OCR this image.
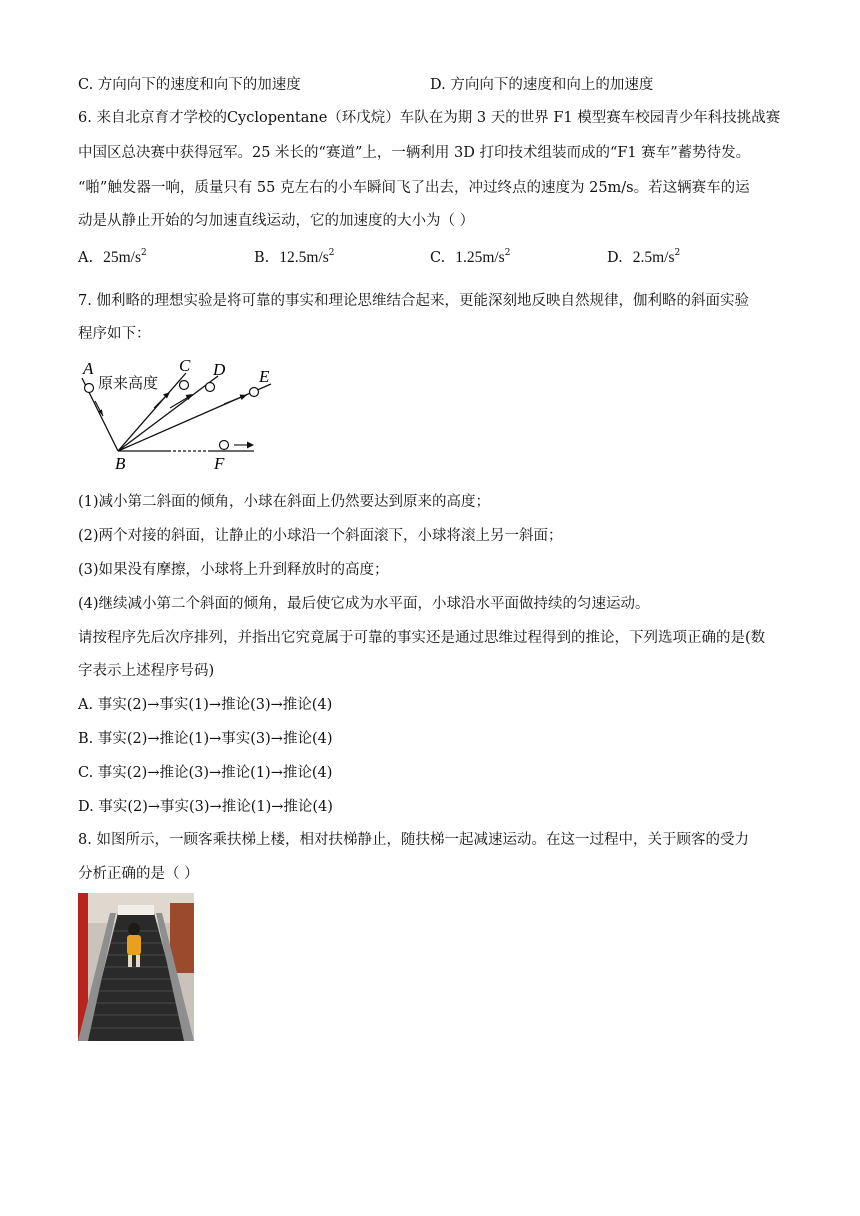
C. 方向向下的速度和向下的加速度	D. 方向向下的速度和向上的加速度
6. 来自北京育才学校的Cyclopentane（环戊烷）车队在为期 3 天的世界 F1 模型赛车校园青少年科技挑战赛
中国区总决赛中获得冠军。25 米长的“赛道”上，一辆利用 3D 打印技术组装而成的“F1 赛车”蓄势待发。
“啪”触发器一响，质量只有 55 克左右的小车瞬间飞了出去，冲过终点的速度为 25m/s。若这辆赛车的运
动是从静止开始的匀加速直线运动，它的加速度的大小为（ ）
A. $25m/s^2$	B. $12.5m/s^2$	C. $1.25m/s^2$	D. $2.5m/s^2$
7. 伽利略的理想实验是将可靠的事实和理论思维结合起来，更能深刻地反映自然规律，伽利略的斜面实验
程序如下：
A	C D E
B	F
原来高度
(1)减小第二斜面的倾角，小球在斜面上仍然要达到原来的高度；
(2)两个对接的斜面，让静止的小球沿一个斜面滚下，小球将滚上另一斜面；
(3)如果没有摩擦，小球将上升到释放时的高度；
(4)继续减小第二个斜面的倾角，最后使它成为水平面，小球沿水平面做持续的匀速运动。
请按程序先后次序排列，并指出它究竟属于可靠的事实还是通过思维过程得到的推论，下列选项正确的是(数
字表示上述程序号码)
A. 事实(2)→事实(1)→推论(3)→推论(4)
B. 事实(2)→推论(1)→事实(3)→推论(4)
C. 事实(2)→推论(3)→推论(1)→推论(4)
D. 事实(2)→事实(3)→推论(1)→推论(4)
8. 如图所示，一顾客乘扶梯上楼，相对扶梯静止，随扶梯一起减速运动。在这一过程中，关于顾客的受力
分析正确的是（ ）
